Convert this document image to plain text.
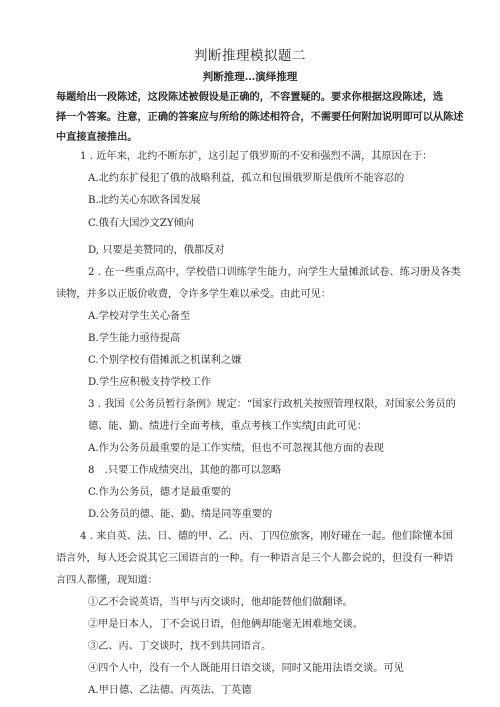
判断推理模拟题二
判断推理…演绎推理
每题给出一段陈述，这段陈述被假设是正确的，不容置疑的。要求你根据这段陈述，选
择一个答案。注意，正确的答案应与所给的陈述相符合，不需要任何附加说明即可以从陈述
中直接直接推出。
1 . 近年来，北约不断东扩，这引起了俄罗斯的不安和强烈不满，其原因在于：
A.北约东扩侵犯了俄的战略利益，孤立和包围俄罗斯是俄所不能容忍的
B.北约关心东欧各国发展
C.俄有大国沙文ZY倾向
D, 只要是美赞同的，俄都反对
2 . 在一些重点高中，学校借口训练学生能力，向学生大量摊派试卷、练习册及各类
读物，并多以正版价收费，令许多学生难以承受。由此可见：
A.学校对学生关心备至
B.学生能力亟待提高
C.个别学校有借摊派之机谋利之嫌
D.学生应积极支持学校工作
3 . 我国《公务员暂行条例》规定：“国家行政机关按照管理权限，对国家公务员的
德、能、勤、绩进行全面考核，重点考核工作实绩J由此可见：
A.作为公务员最重要的是工作实绩，但也不可忽视其他方面的表现
8　.只要工作成绩突出，其他的都可以忽略
C.作为公务员，德才是最重要的
D.公务员的德、能、勤、绩是同等重要的
4 . 来自英、法、日、德的甲、乙、丙、丁四位旅客，刚好碰在一起。他们除懂本国
语言外，每人还会说其它三国语言的一种。有一种语言是三个人都会说的，但没有一种语
言四人都懂，现知道：
①乙不会说英语，当甲与丙交谈时，他却能替他们做翻译。
②甲是日本人，丁不会说日语，但他俩却能毫无困难地交谈。
③乙、丙、丁交谈时，找不到共同语言。
④四个人中，没有一个人既能用日语交谈，同时又能用法语交谈。可见
A.甲日德、乙法德、丙英法、丁英德
